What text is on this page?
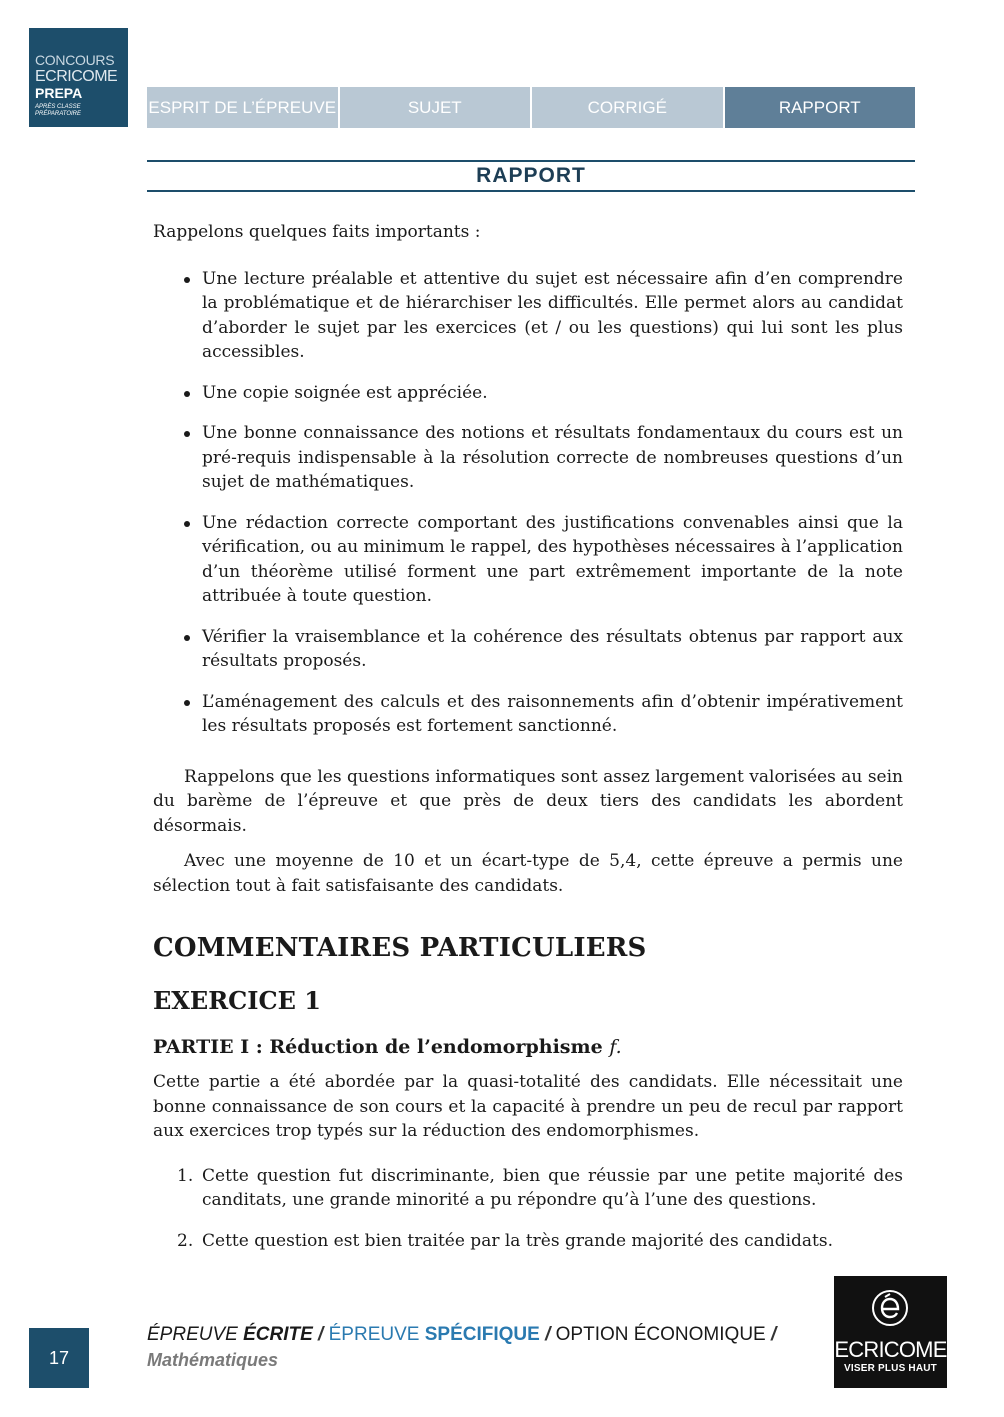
CONCOURS
ECRICOME
PREPA
APRÈS CLASSE PRÉPARATOIRE	ESPRIT DE L’ÉPREUVE	SUJET	CORRIGÉ	RAPPORT
RAPPORT

Rappelons quelques faits importants :

Une lecture préalable et attentive du sujet est nécessaire afin d’en comprendre la problématique et de hiérarchiser les difficultés. Elle permet alors au candidat d’aborder le sujet par les exercices (et / ou les questions) qui lui sont les plus accessibles.
Une copie soignée est appréciée.
Une bonne connaissance des notions et résultats fondamentaux du cours est un pré-requis indispensable à la résolution correcte de nombreuses questions d’un sujet de mathématiques.
Une rédaction correcte comportant des justifications convenables ainsi que la vérification, ou au minimum le rappel, des hypothèses nécessaires à l’application d’un théorème utilisé forment une part extrêmement importante de la note attribuée à toute question.
Vérifier la vraisemblance et la cohérence des résultats obtenus par rapport aux résultats proposés.
L’aménagement des calculs et des raisonnements afin d’obtenir impérativement les résultats proposés est fortement sanctionné.

Rappelons que les questions informatiques sont assez largement valorisées au sein du barème de l’épreuve et que près de deux tiers des candidats les abordent désormais.

Avec une moyenne de 10 et un écart-type de 5,4, cette épreuve a permis une sélection tout à fait satisfaisante des candidats.

COMMENTAIRES PARTICULIERS
EXERCICE 1
PARTIE I : Réduction de l’endomorphisme f.

Cette partie a été abordée par la quasi-totalité des candidats. Elle nécessitait une bonne connaissance de son cours et la capacité à prendre un peu de recul par rapport aux exercices trop typés sur la réduction des endomorphismes.

1. Cette question fut discriminante, bien que réussie par une petite majorité des canditats, une grande minorité a pu répondre qu’à l’une des questions.
2. Cette question est bien traitée par la très grande majorité des candidats.
17
ÉPREUVE ÉCRITE / ÉPREUVE SPÉCIFIQUE / OPTION ÉCONOMIQUE /
Mathématiques	ECRICOME
VISER PLUS HAUT
